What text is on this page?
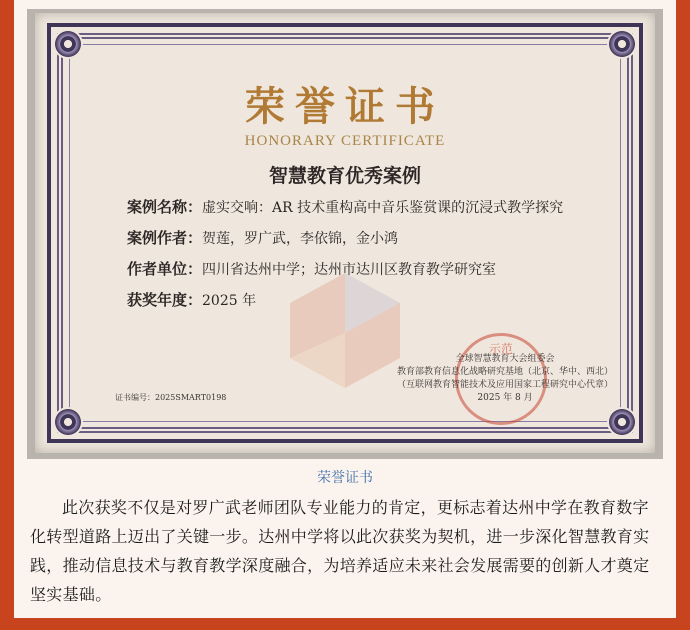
荣誉证书
HONORARY CERTIFICATE
智慧教育优秀案例
案例名称：虚实交响：AR 技术重构高中音乐鉴赏课的沉浸式教学探究
案例作者：贺莲，罗广武，李依锦，金小鸿
作者单位：四川省达州中学；达州市达川区教育教学研究室
获奖年度：2025 年
示范
全球智慧教育大会组委会
教育部教育信息化战略研究基地（北京、华中、西北）
（互联网教育智能技术及应用国家工程研究中心代章）
2025 年 8 月
证书编号：2025SMART0198
荣誉证书
此次获奖不仅是对罗广武老师团队专业能力的肯定，更标志着达州中学在教育数字化转型道路上迈出了关键一步。达州中学将以此次获奖为契机，进一步深化智慧教育实践，推动信息技术与教育教学深度融合，为培养适应未来社会发展需要的创新人才奠定坚实基础。
